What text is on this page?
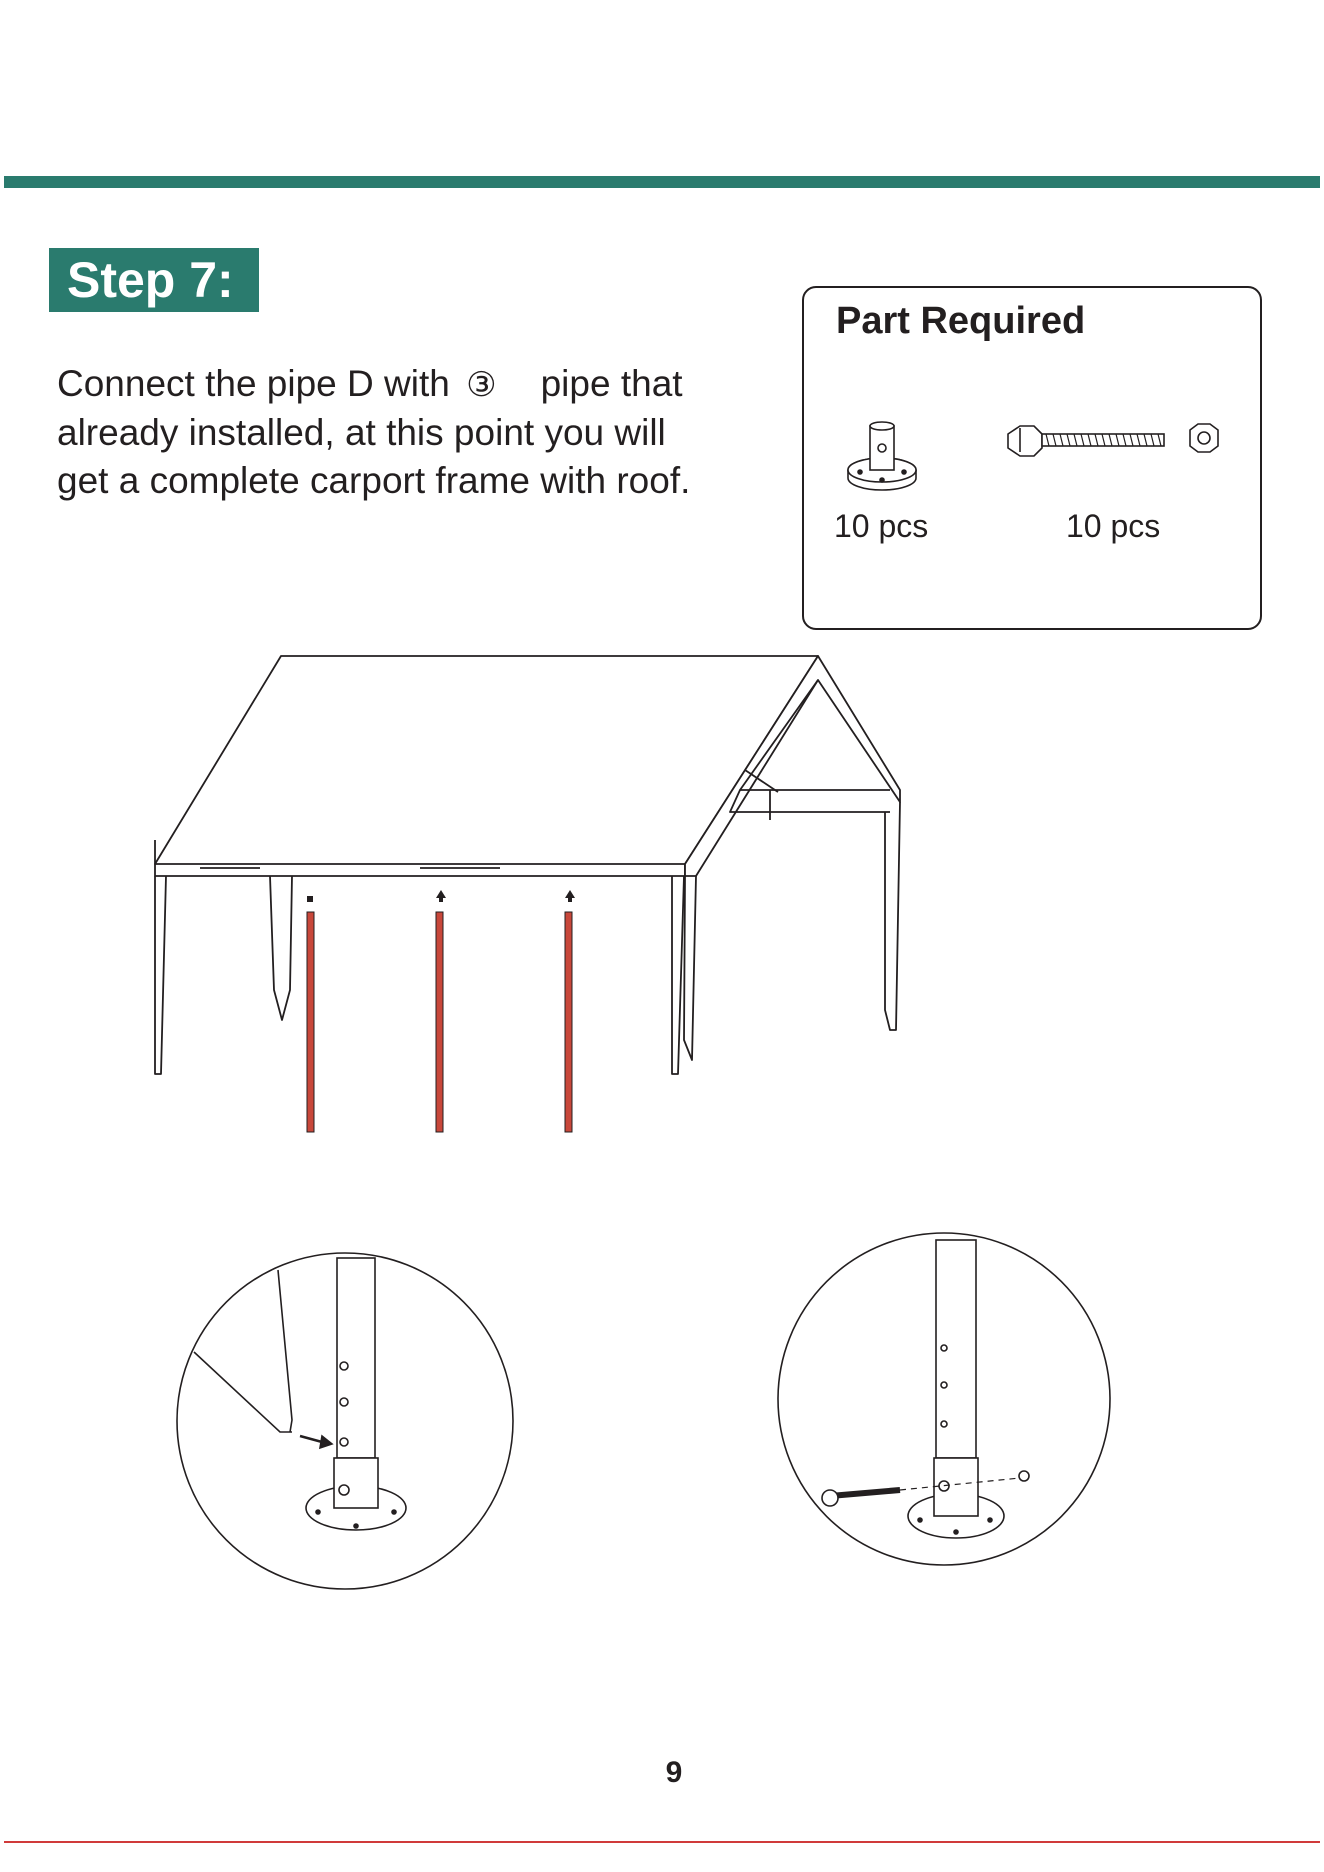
Step 7:
Connect the pipe D with ③ pipe that
already installed, at this point you will
get a complete carport frame with roof.
Part Required
10 pcs	10 pcs
9
